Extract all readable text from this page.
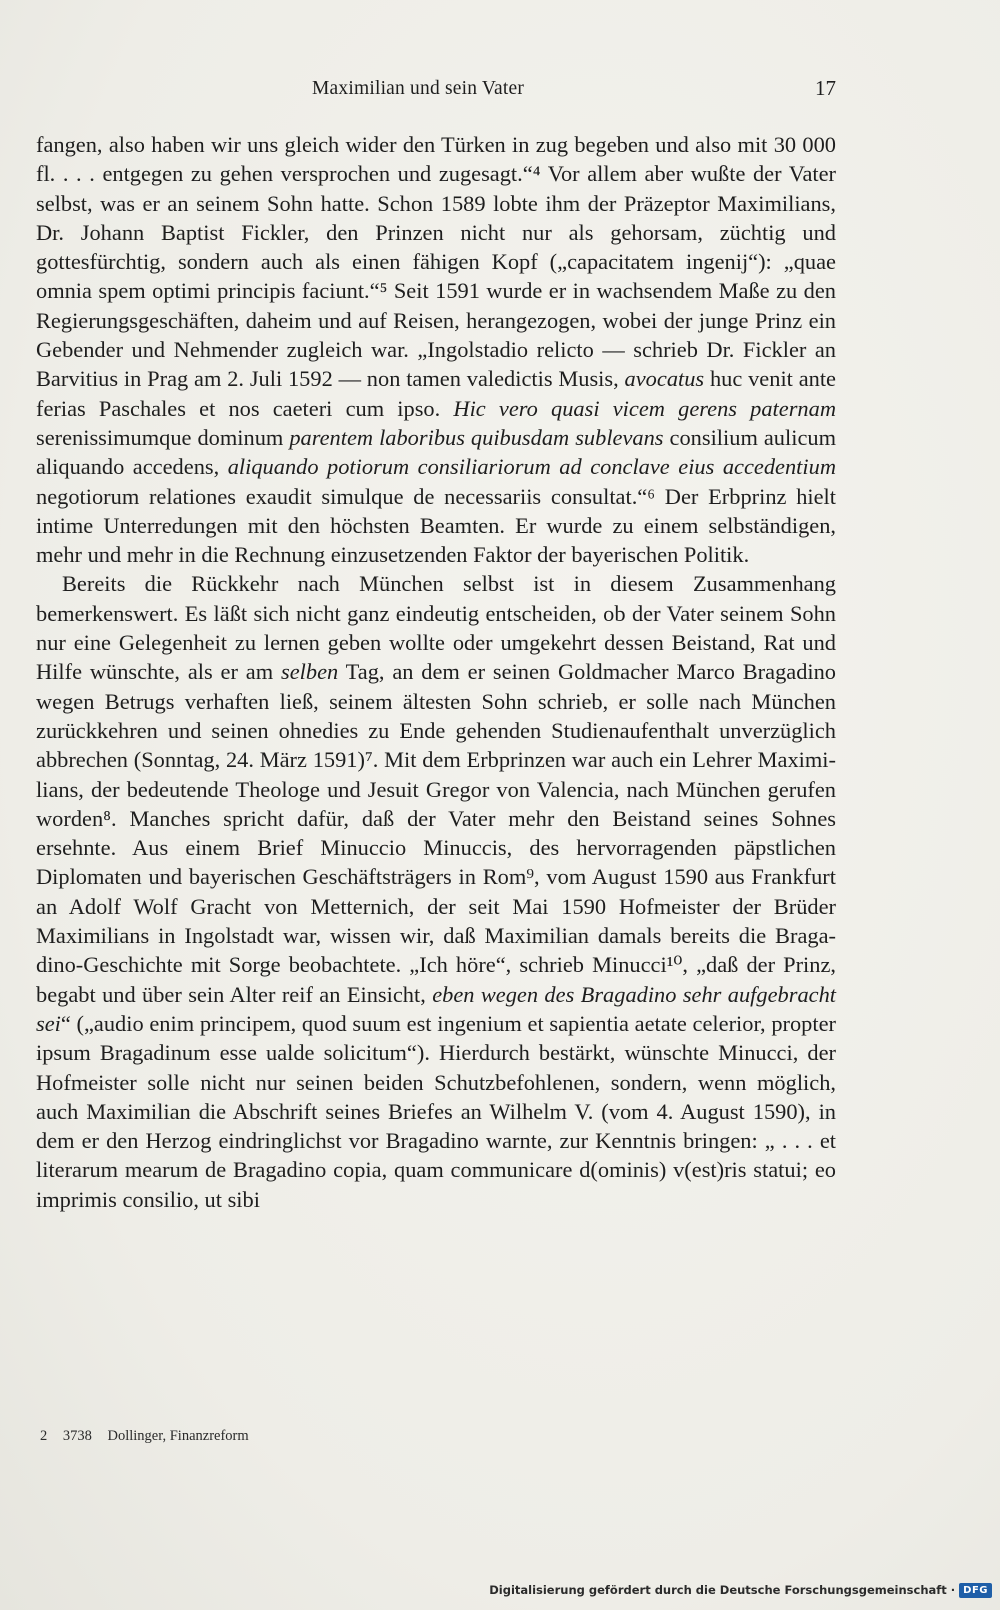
Maximilian und sein Vater	17

fangen, also haben wir uns gleich wider den Türken in zug begeben und also mit 30 000 fl. . . . entgegen zu gehen versprochen und zugesagt.“⁴ Vor allem aber wußte der Vater selbst, was er an seinem Sohn hatte. Schon 1589 lobte ihm der Präzeptor Maximilians, Dr. Johann Baptist Fickler, den Prinzen nicht nur als gehorsam, züchtig und gottesfürchtig, sondern auch als einen fähigen Kopf („capacitatem ingenij“): „quae omnia spem optimi principis faciunt.“⁵ Seit 1591 wurde er in wachsendem Maße zu den Regierungsgeschäften, daheim und auf Reisen, herangezogen, wobei der junge Prinz ein Gebender und Nehmender zugleich war. „Ingolstadio relicto — schrieb Dr. Fickler an Barvitius in Prag am 2. Juli 1592 — non tamen valedictis Musis, avocatus huc venit ante ferias Paschales et nos caeteri cum ipso. Hic vero quasi vicem gerens paternam serenissimumque dominum parentem laboribus quibusdam sublevans consilium aulicum aliquando accedens, aliquando potiorum consiliariorum ad conclave eius accedentium negotiorum relationes exaudit simulque de necessariis consultat.“⁶ Der Erbprinz hielt intime Unterredungen mit den höchsten Beamten. Er wurde zu einem selbständigen, mehr und mehr in die Rechnung einzusetzenden Faktor der bayerischen Politik.

Bereits die Rückkehr nach München selbst ist in diesem Zusammenhang bemerkenswert. Es läßt sich nicht ganz eindeutig entscheiden, ob der Vater seinem Sohn nur eine Gelegenheit zu lernen geben wollte oder umgekehrt dessen Beistand, Rat und Hilfe wünschte, als er am selben Tag, an dem er seinen Goldmacher Marco Bragadino wegen Betrugs verhaften ließ, seinem ältesten Sohn schrieb, er solle nach München zurückkehren und seinen ohnedies zu Ende gehenden Studienaufenthalt unverzüglich abbrechen (Sonntag, 24. März 1591)⁷. Mit dem Erbprinzen war auch ein Lehrer Maximilians, der bedeutende Theologe und Jesuit Gregor von Valencia, nach München gerufen worden⁸. Manches spricht dafür, daß der Vater mehr den Beistand seines Sohnes ersehnte. Aus einem Brief Minuccio Minuccis, des hervorragenden päpstlichen Diplomaten und bayerischen Geschäftsträgers in Rom⁹, vom August 1590 aus Frankfurt an Adolf Wolf Gracht von Metternich, der seit Mai 1590 Hofmeister der Brüder Maximilians in Ingolstadt war, wissen wir, daß Maximilian damals bereits die Bragadino-Geschichte mit Sorge beobachtete. „Ich höre“, schrieb Minucci¹⁰, „daß der Prinz, begabt und über sein Alter reif an Einsicht, eben wegen des Bragadino sehr aufgebracht sei“ („audio enim principem, quod suum est ingenium et sapientia aetate celerior, propter ipsum Bragadinum esse ualde solicitum“). Hierdurch bestärkt, wünschte Minucci, der Hofmeister solle nicht nur seinen beiden Schutzbefohlenen, sondern, wenn möglich, auch Maximilian die Abschrift seines Briefes an Wilhelm V. (vom 4. August 1590), in dem er den Herzog eindringlichst vor Bragadino warnte, zur Kenntnis bringen: „ . . . et literarum mearum de Bragadino copia, quam communicare d(ominis) v(est)ris statui; eo imprimis consilio, ut sibi

2 3738 Dollinger, Finanzreform
Digitalisierung gefördert durch die Deutsche Forschungsgemeinschaft · DFG
